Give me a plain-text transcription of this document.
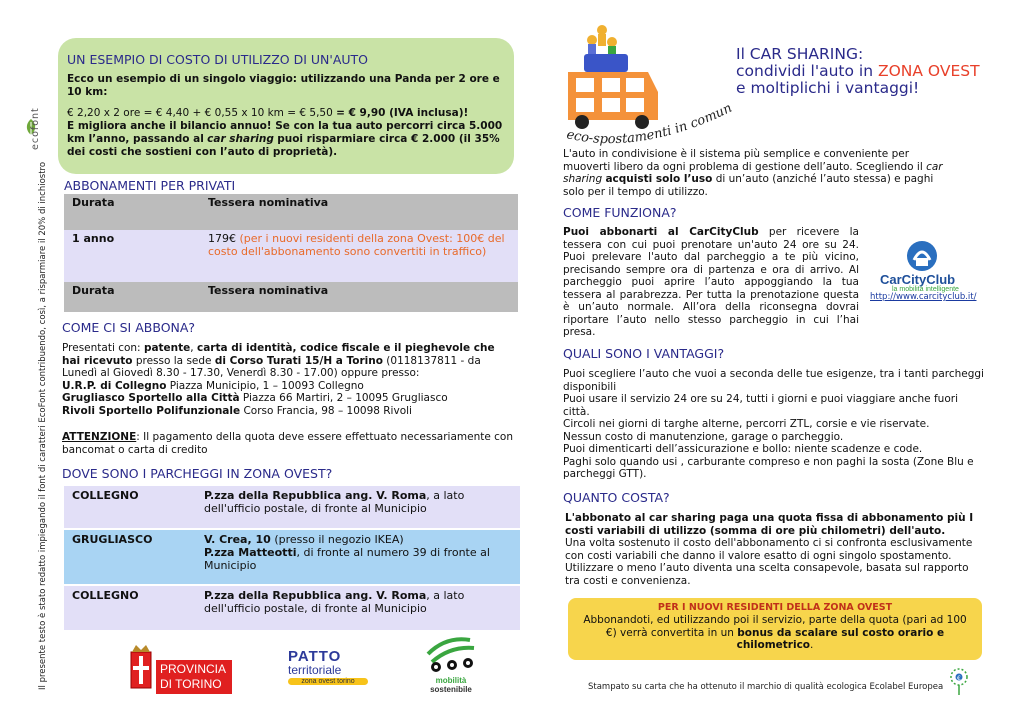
Il presente testo è stato redatto impiegando il font di caratteri EcoFont contribuendo, così, a risparmiare il 20% di inchiostro
ecofont
UN ESEMPIO DI COSTO DI UTILIZZO DI UN'AUTO
Ecco un esempio di un singolo viaggio: utilizzando una Panda per 2 ore e 10 km:
€ 2,20 x 2 ore = € 4,40 + € 0,55 x 10 km = € 5,50 = € 9,90 (IVA inclusa)!
E migliora anche il bilancio annuo! Se con la tua auto percorri circa 5.000 km l’anno, passando al car sharing puoi risparmiare circa € 2.000 (il 35% dei costi che sostieni con l’auto di proprietà).
ABBONAMENTI PER PRIVATI
Durata	Tessera nominativa
1 anno	179€ (per i nuovi residenti della zona Ovest: 100€ del costo dell'abbonamento sono convertiti in traffico)
Durata	Tessera nominativa
COME CI SI ABBONA?
Presentati con: patente, carta di identità, codice fiscale e il pieghevole che hai ricevuto presso la sede di Corso Turati 15/H a Torino (0118137811 - da Lunedì al Giovedì 8.30 - 17.30, Venerdì 8.30 - 17.00) oppure presso:
U.R.P. di Collegno Piazza Municipio, 1 – 10093 Collegno
Grugliasco Sportello alla Città Piazza 66 Martiri, 2 – 10095 Grugliasco
Rivoli Sportello Polifunzionale Corso Francia, 98 – 10098 Rivoli
ATTENZIONE: Il pagamento della quota deve essere effettuato necessariamente con bancomat o carta di credito
DOVE SONO I PARCHEGGI IN ZONA OVEST?
COLLEGNO	P.zza della Repubblica ang. V. Roma, a lato dell'ufficio postale, di fronte al Municipio
GRUGLIASCO	V. Crea, 10 (presso il negozio IKEA)
P.zza Matteotti, di fronte al numero 39 di fronte al Municipio
COLLEGNO	P.zza della Repubblica ang. V. Roma, a lato dell'ufficio postale, di fronte al Municipio
PROVINCIA
DI TORINO
PATTO
territoriale
zona ovest torino	mobilità
sostenibile
eco-spostamenti in comun
Il CAR SHARING:
condividi l'auto in ZONA OVEST
e moltiplichi i vantaggi!
L'auto in condivisione è il sistema più semplice e conveniente per muoverti libero da ogni problema di gestione dell’auto. Scegliendo il car sharing acquisti solo l’uso di un’auto (anziché l’auto stessa) e paghi solo per il tempo di utilizzo.
COME FUNZIONA?
Puoi abbonarti al CarCityClub per ricevere la tessera con cui puoi prenotare un'auto 24 ore su 24. Puoi prelevare l'auto dal parcheggio a te più vicino, precisando sempre ora di partenza e ora di arrivo. Al parcheggio puoi aprire l’auto appoggiando la tua tessera al parabrezza. Per tutta la prenotazione questa è un’auto normale. All’ora della riconsegna dovrai riportare l’auto nello stesso parcheggio in cui l’hai presa.
CarCityClub
la mobilità intelligente
http://www.carcityclub.it/
QUALI SONO I VANTAGGI?
Puoi scegliere l’auto che vuoi a seconda delle tue esigenze, tra i tanti parcheggi disponibili
Puoi usare il servizio 24 ore su 24, tutti i giorni e puoi viaggiare anche fuori città.
Circoli nei giorni di targhe alterne, percorri ZTL, corsie e vie riservate.
Nessun costo di manutenzione, garage o parcheggio.
Puoi dimenticarti dell’assicurazione e bollo: niente scadenze e code.
Paghi solo quando usi , carburante compreso e non paghi la sosta (Zone Blu e parcheggi GTT).
QUANTO COSTA?
L'abbonato al car sharing paga una quota fissa di abbonamento più I costi variabili di utilizzo (somma di ore più chilometri) dell'auto.
Una volta sostenuto il costo dell'abbonamento ci si confronta esclusivamente con costi variabili che danno il valore esatto di ogni singolo spostamento. Utilizzare o meno l’auto diventa una scelta consapevole, basata sul rapporto tra costi e convenienza.
PER I NUOVI RESIDENTI DELLA ZONA OVEST
Abbonandoti, ed utilizzando poi il servizio, parte della quota (pari ad 100 €) verrà convertita in un bonus da scalare sul costo orario e chilometrico.
Stampato su carta che ha ottenuto il marchio di qualità ecologica Ecolabel Europea
€
